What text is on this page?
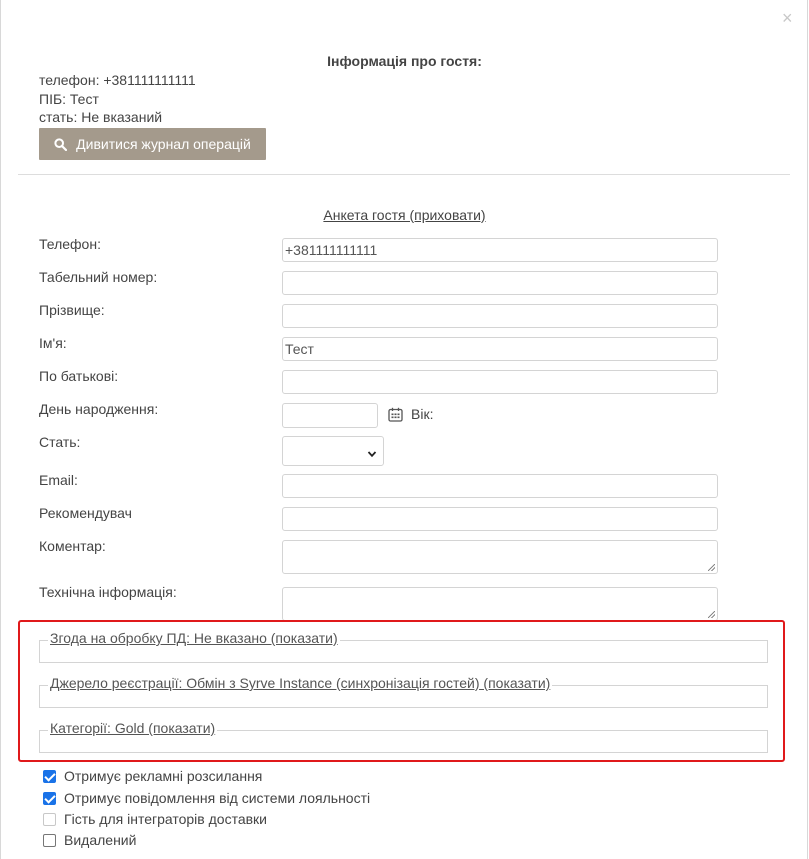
×
Інформація про гостя:
телефон: +381111111111
ПІБ: Тест
стать: Не вказаний
Дивитися журнал операцій
Анкета гостя (приховати)
Телефон:	+381111111111
Табельний номер:
Прізвище:
Ім'я:	Тест
По батькові:
День народження:	Вік:
Стать:
Email:
Рекомендувач
Коментар:
Технічна інформація:
Згода на обробку ПД: Не вказано (показати)
Джерело реєстрації: Обмін з Syrve Instance (синхронізація гостей) (показати)
Категорії: Gold (показати)
Отримує рекламні розсилання
Отримує повідомлення від системи лояльності
Гість для інтеграторів доставки
Видалений
